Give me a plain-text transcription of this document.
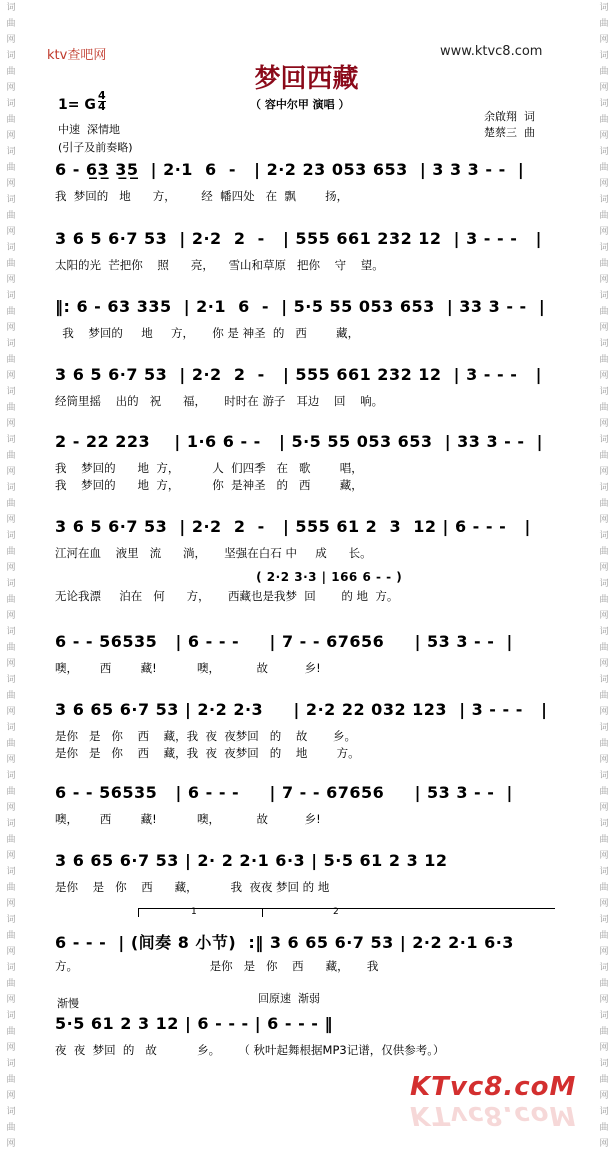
词
曲
网
词
曲
网
词
曲
网
词
曲
网
词
曲
网
词
曲
网
词
曲
网
词
曲
网
词
曲
网
词
曲
网
词
曲
网
词
曲
网
词
曲
网
词
曲
网
词
曲
网
词
曲
网
词
曲
网
词
曲
网
词
曲
网
词
曲
网
词
曲
网
词
曲
网
词
曲
网
词
曲
网
词
曲
网
词
曲
网
词
曲
网
词
曲
网
词
曲
网
词
曲
网
词
曲
网
词
曲
网
词
曲
网
词
曲
网
词
曲
网
词
曲
网
词
曲
网
词
曲
网
词
曲
网
词
曲
网
词
曲
网
词
曲
网
词
曲
网
词
曲
网
词
曲
网
词
曲
网
词
曲
网
词
曲
网
ktv查吧网	www.ktvc8.com
梦回西藏
（ 容中尔甲 演唱 ）
1= G
4

4
中速  深情地
(引子及前奏略)
余啟翔  词
楚蔡三  曲
6 - 6̲3̲ 3̲5̲  | 2·1  6  -   | 2·2 23 053 653  | 3 3 3 - -  |
我  梦回的   地      方，       经  幡四处   在  飘        扬，
3 6 5 6·7 53  | 2·2  2  -   | 555 661 232 12  | 3 - - -   |
太阳的光  芒把你    照      亮，    雪山和草原   把你    守    望。
‖: 6 - 63 335  | 2·1  6  -  | 5·5 55 053 653  | 33 3 - -  |
我    梦回的     地     方，     你 是 神圣  的   西        藏，
3 6 5 6·7 53  | 2·2  2  -   | 555 661 232 12  | 3 - - -   |
经筒里摇    出的   祝      福，     时时在 游子   耳边    回    响。
2 - 22 223    | 1·6 6 - -   | 5·5 55 053 653  | 33 3 - -  |
我    梦回的      地  方，         人  们四季   在   歌        唱，
我    梦回的      地  方，         你  是神圣   的   西        藏，
3 6 5 6·7 53  | 2·2  2  -   | 555 61 2  3  12 | 6 - - -   |
江河在血    液里   流      淌，     坚强在白石 中     成      长。
( 2·2 3·3 | 166 6 - - )
无论我漂     泊在   何      方，     西藏也是我梦  回       的 地  方。
6 - - 56535   | 6 - - -     | 7 - - 67656     | 53 3 - -  |
噢，      西        藏!           噢，          故          乡!
3 6 65 6·7 53 | 2·2 2·3     | 2·2 22 032 123  | 3 - - -   |
是你   是   你    西    藏，我  夜  夜梦回   的    故       乡。
是你   是   你    西    藏，我  夜  夜梦回   的    地        方。
6 - - 56535   | 6 - - -     | 7 - - 67656     | 53 3 - -  |
噢，      西        藏!           噢，          故          乡!
3 6 65 6·7 53 | 2· 2 2·1 6·3 | 5·5 61 2 3 12
是你    是   你    西      藏，         我  夜夜 梦回 的 地
6 - - -  | (间奏 8 小节)  :‖ 3 6 65 6·7 53 | 2·2 2·1 6·3
方。                                    是你   是   你    西      藏，     我
5·5 61 2 3 12 | 6 - - - | 6 - - - ‖
夜  夜  梦回  的   故           乡。     （ 秋叶起舞根据MP3记谱，仅供参考。）
1	2
渐慢	回原速  渐弱
KTvc8.coM
KTvc8.coM
